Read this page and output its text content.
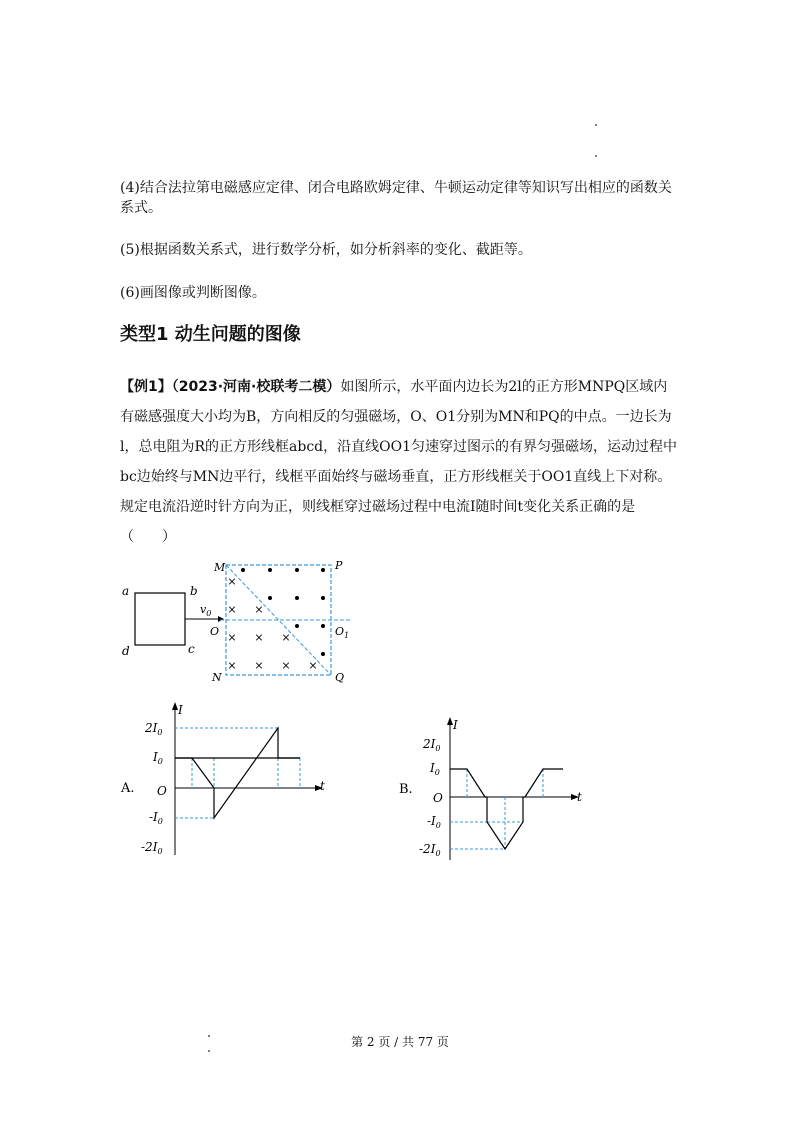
(4)结合法拉第电磁感应定律、闭合电路欧姆定律、牛顿运动定律等知识写出相应的函数关系式。

(5)根据函数关系式，进行数学分析，如分析斜率的变化、截距等。

(6)画图像或判断图像。

类型1 动生问题的图像

【例1】（2023·河南·校联考二模）如图所示，水平面内边长为2l的正方形MNPQ区域内有磁感强度大小均为B，方向相反的匀强磁场，O、O1分别为MN和PQ的中点。一边长为l，总电阻为R的正方形线框abcd，沿直线OO1匀速穿过图示的有界匀强磁场，运动过程中bc边始终与MN边平行，线框平面始终与磁场垂直，正方形线框关于OO1直线上下对称。规定电流沿逆时针方向为正，则线框穿过磁场过程中电流I随时间t变化关系正确的是
（　　）

a	b
d	c
$v_0$
M	P
N	Q
O	$O_1$
×
× ×
× × ×
× × × ×
A.
I
t
O
$2I_0$
$I_0$
$-I_0$
$-2I_0$
B.
I
t
O
$2I_0$
$I_0$
$-I_0$
$-2I_0$
第 2 页 / 共 77 页
